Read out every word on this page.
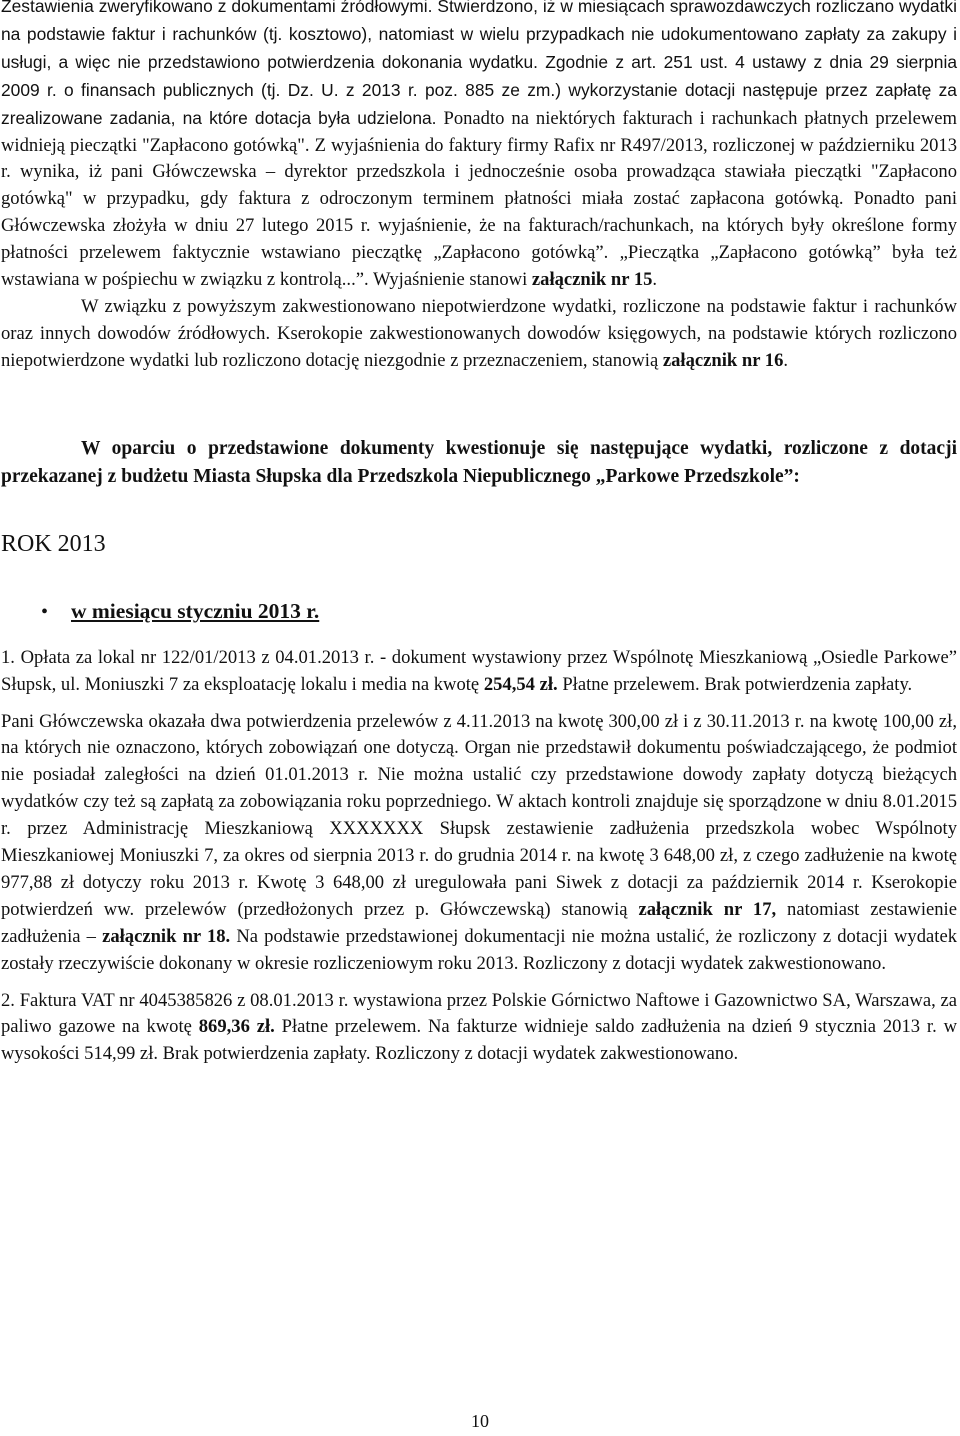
Zestawienia zweryfikowano z dokumentami źródłowymi. Stwierdzono, iż w miesiącach sprawozdawczych rozliczano wydatki na podstawie faktur i rachunków (tj. kosztowo), natomiast w wielu przypadkach nie udokumentowano zapłaty za zakupy i usługi, a więc nie przedstawiono potwierdzenia dokonania wydatku. Zgodnie z art. 251 ust. 4 ustawy z dnia 29 sierpnia 2009 r. o finansach publicznych (tj. Dz. U. z 2013 r. poz. 885 ze zm.) wykorzystanie dotacji następuje przez zapłatę za zrealizowane zadania, na które dotacja była udzielona. Ponadto na niektórych fakturach i rachunkach płatnych przelewem widnieją pieczątki "Zapłacono gotówką". Z wyjaśnienia do faktury firmy Rafix nr R497/2013, rozliczonej w październiku 2013 r. wynika, iż pani Główczewska – dyrektor przedszkola i jednocześnie osoba prowadząca stawiała pieczątki "Zapłacono gotówką" w przypadku, gdy faktura z odroczonym terminem płatności miała zostać zapłacona gotówką. Ponadto pani Główczewska złożyła w dniu 27 lutego 2015 r. wyjaśnienie, że na fakturach/rachunkach, na których były określone formy płatności przelewem faktycznie wstawiano pieczątkę „Zapłacono gotówką”. „Pieczątka „Zapłacono gotówką” była też wstawiana w pośpiechu w związku z kontrolą...”. Wyjaśnienie stanowi załącznik nr 15.

W związku z powyższym zakwestionowano niepotwierdzone wydatki, rozliczone na podstawie faktur i rachunków oraz innych dowodów źródłowych. Kserokopie zakwestionowanych dowodów księgowych, na podstawie których rozliczono niepotwierdzone wydatki lub rozliczono dotację niezgodnie z przeznaczeniem, stanowią załącznik nr 16.

W oparciu o przedstawione dokumenty kwestionuje się następujące wydatki, rozliczone z dotacji przekazanej z budżetu Miasta Słupska dla Przedszkola Niepublicznego „Parkowe Przedszkole”:

ROK 2013
•	w miesiącu styczniu 2013 r.

1. Opłata za lokal nr 122/01/2013 z 04.01.2013 r. - dokument wystawiony przez Wspólnotę Mieszkaniową „Osiedle Parkowe” Słupsk, ul. Moniuszki 7 za eksploatację lokalu i media na kwotę 254,54 zł. Płatne przelewem. Brak potwierdzenia zapłaty.

Pani Główczewska okazała dwa potwierdzenia przelewów z 4.11.2013 na kwotę 300,00 zł i z 30.11.2013 r. na kwotę 100,00 zł, na których nie oznaczono, których zobowiązań one dotyczą. Organ nie przedstawił dokumentu poświadczającego, że podmiot nie posiadał zaległości na dzień 01.01.2013 r. Nie można ustalić czy przedstawione dowody zapłaty dotyczą bieżących wydatków czy też są zapłatą za zobowiązania roku poprzedniego. W aktach kontroli znajduje się sporządzone w dniu 8.01.2015 r. przez Administrację Mieszkaniową XXXXXXX Słupsk zestawienie zadłużenia przedszkola wobec Wspólnoty Mieszkaniowej Moniuszki 7, za okres od sierpnia 2013 r. do grudnia 2014 r. na kwotę 3 648,00 zł, z czego zadłużenie na kwotę 977,88 zł dotyczy roku 2013 r. Kwotę 3 648,00 zł uregulowała pani Siwek z dotacji za październik 2014 r. Kserokopie potwierdzeń ww. przelewów (przedłożonych przez p. Główczewską) stanowią załącznik nr 17, natomiast zestawienie zadłużenia – załącznik nr 18. Na podstawie przedstawionej dokumentacji nie można ustalić, że rozliczony z dotacji wydatek zostały rzeczywiście dokonany w okresie rozliczeniowym roku 2013. Rozliczony z dotacji wydatek zakwestionowano.

2. Faktura VAT nr 4045385826 z 08.01.2013 r. wystawiona przez Polskie Górnictwo Naftowe i Gazownictwo SA, Warszawa, za paliwo gazowe na kwotę 869,36 zł. Płatne przelewem. Na fakturze widnieje saldo zadłużenia na dzień 9 stycznia 2013 r. w wysokości 514,99 zł. Brak potwierdzenia zapłaty. Rozliczony z dotacji wydatek zakwestionowano.

10
